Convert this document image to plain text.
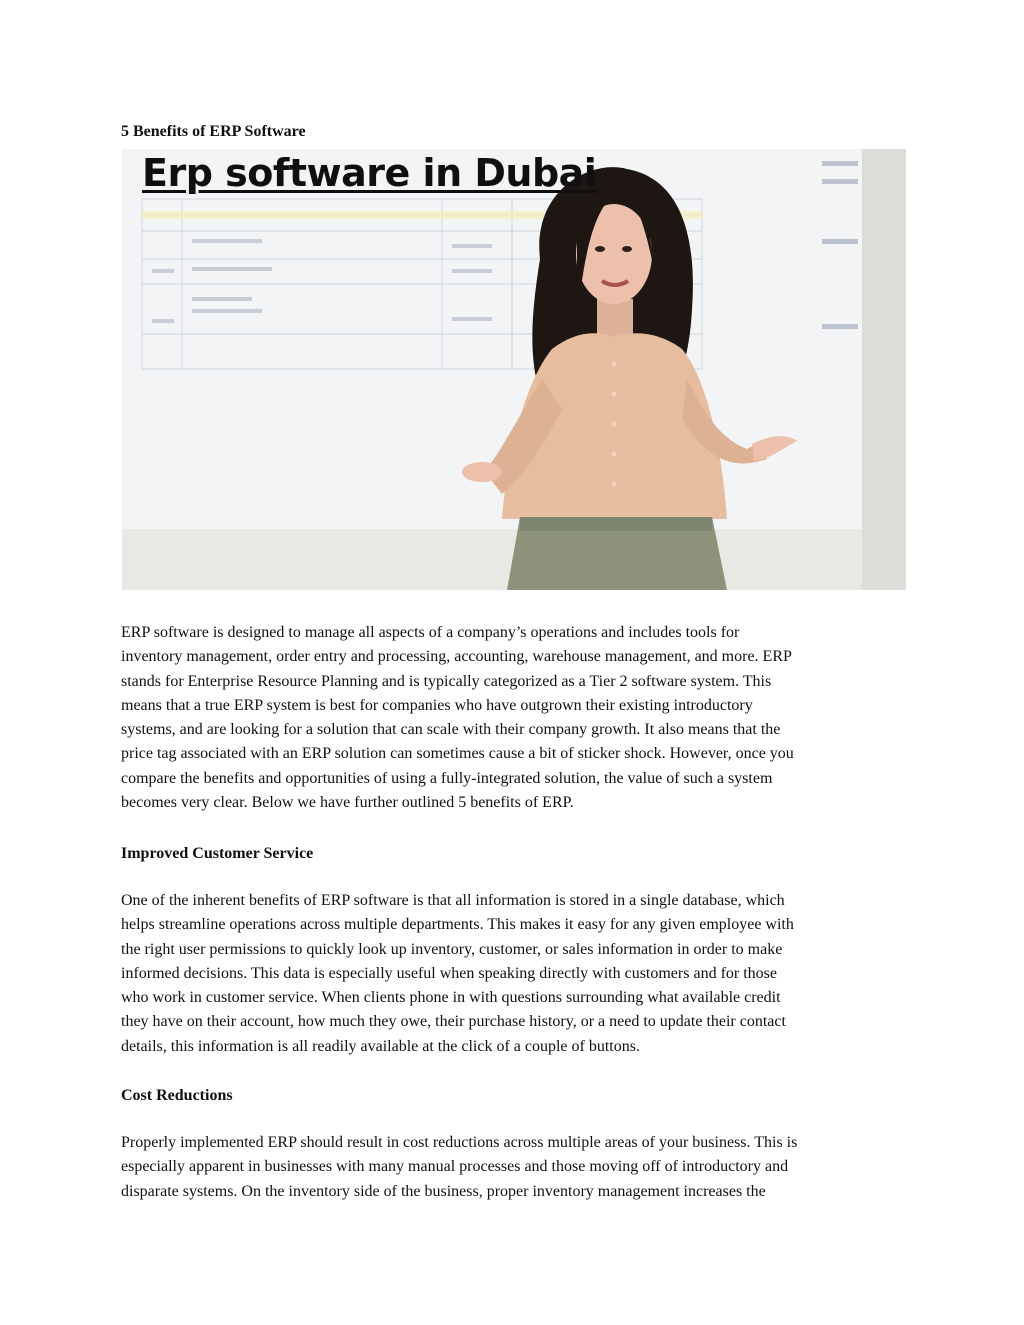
5 Benefits of ERP Software
Erp software in Dubai

ERP software is designed to manage all aspects of a company’s operations and includes tools for
inventory management, order entry and processing, accounting, warehouse management, and more. ERP
stands for Enterprise Resource Planning and is typically categorized as a Tier 2 software system. This
means that a true ERP system is best for companies who have outgrown their existing introductory
systems, and are looking for a solution that can scale with their company growth. It also means that the
price tag associated with an ERP solution can sometimes cause a bit of sticker shock. However, once you
compare the benefits and opportunities of using a fully-integrated solution, the value of such a system
becomes very clear. Below we have further outlined 5 benefits of ERP.

Improved Customer Service

One of the inherent benefits of ERP software is that all information is stored in a single database, which
helps streamline operations across multiple departments. This makes it easy for any given employee with
the right user permissions to quickly look up inventory, customer, or sales information in order to make
informed decisions. This data is especially useful when speaking directly with customers and for those
who work in customer service. When clients phone in with questions surrounding what available credit
they have on their account, how much they owe, their purchase history, or a need to update their contact
details, this information is all readily available at the click of a couple of buttons.

Cost Reductions

Properly implemented ERP should result in cost reductions across multiple areas of your business. This is
especially apparent in businesses with many manual processes and those moving off of introductory and
disparate systems. On the inventory side of the business, proper inventory management increases the
